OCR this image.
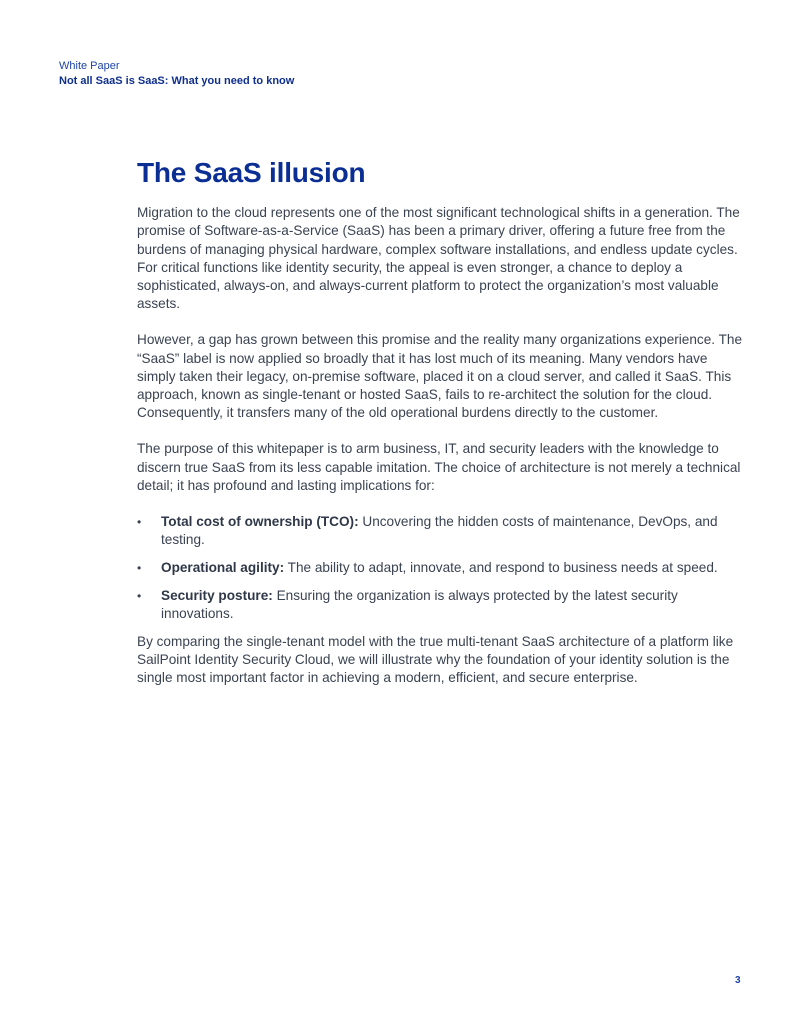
White Paper
Not all SaaS is SaaS: What you need to know
The SaaS illusion

Migration to the cloud represents one of the most significant technological shifts in a generation. The promise of Software-as-a-Service (SaaS) has been a primary driver, offering a future free from the burdens of managing physical hardware, complex software installations, and endless update cycles. For critical functions like identity security, the appeal is even stronger, a chance to deploy a sophisticated, always-on, and always-current platform to protect the organization’s most valuable assets.

However, a gap has grown between this promise and the reality many organizations experience. The “SaaS” label is now applied so broadly that it has lost much of its meaning. Many vendors have simply taken their legacy, on-premise software, placed it on a cloud server, and called it SaaS. This approach, known as single-tenant or hosted SaaS, fails to re-architect the solution for the cloud. Consequently, it transfers many of the old operational burdens directly to the customer.

The purpose of this whitepaper is to arm business, IT, and security leaders with the knowledge to discern true SaaS from its less capable imitation. The choice of architecture is not merely a technical detail; it has profound and lasting implications for:

• Total cost of ownership (TCO): Uncovering the hidden costs of maintenance, DevOps, and testing.
• Operational agility: The ability to adapt, innovate, and respond to business needs at speed.
• Security posture: Ensuring the organization is always protected by the latest security innovations.

By comparing the single-tenant model with the true multi-tenant SaaS architecture of a platform like SailPoint Identity Security Cloud, we will illustrate why the foundation of your identity solution is the single most important factor in achieving a modern, efficient, and secure enterprise.

3
